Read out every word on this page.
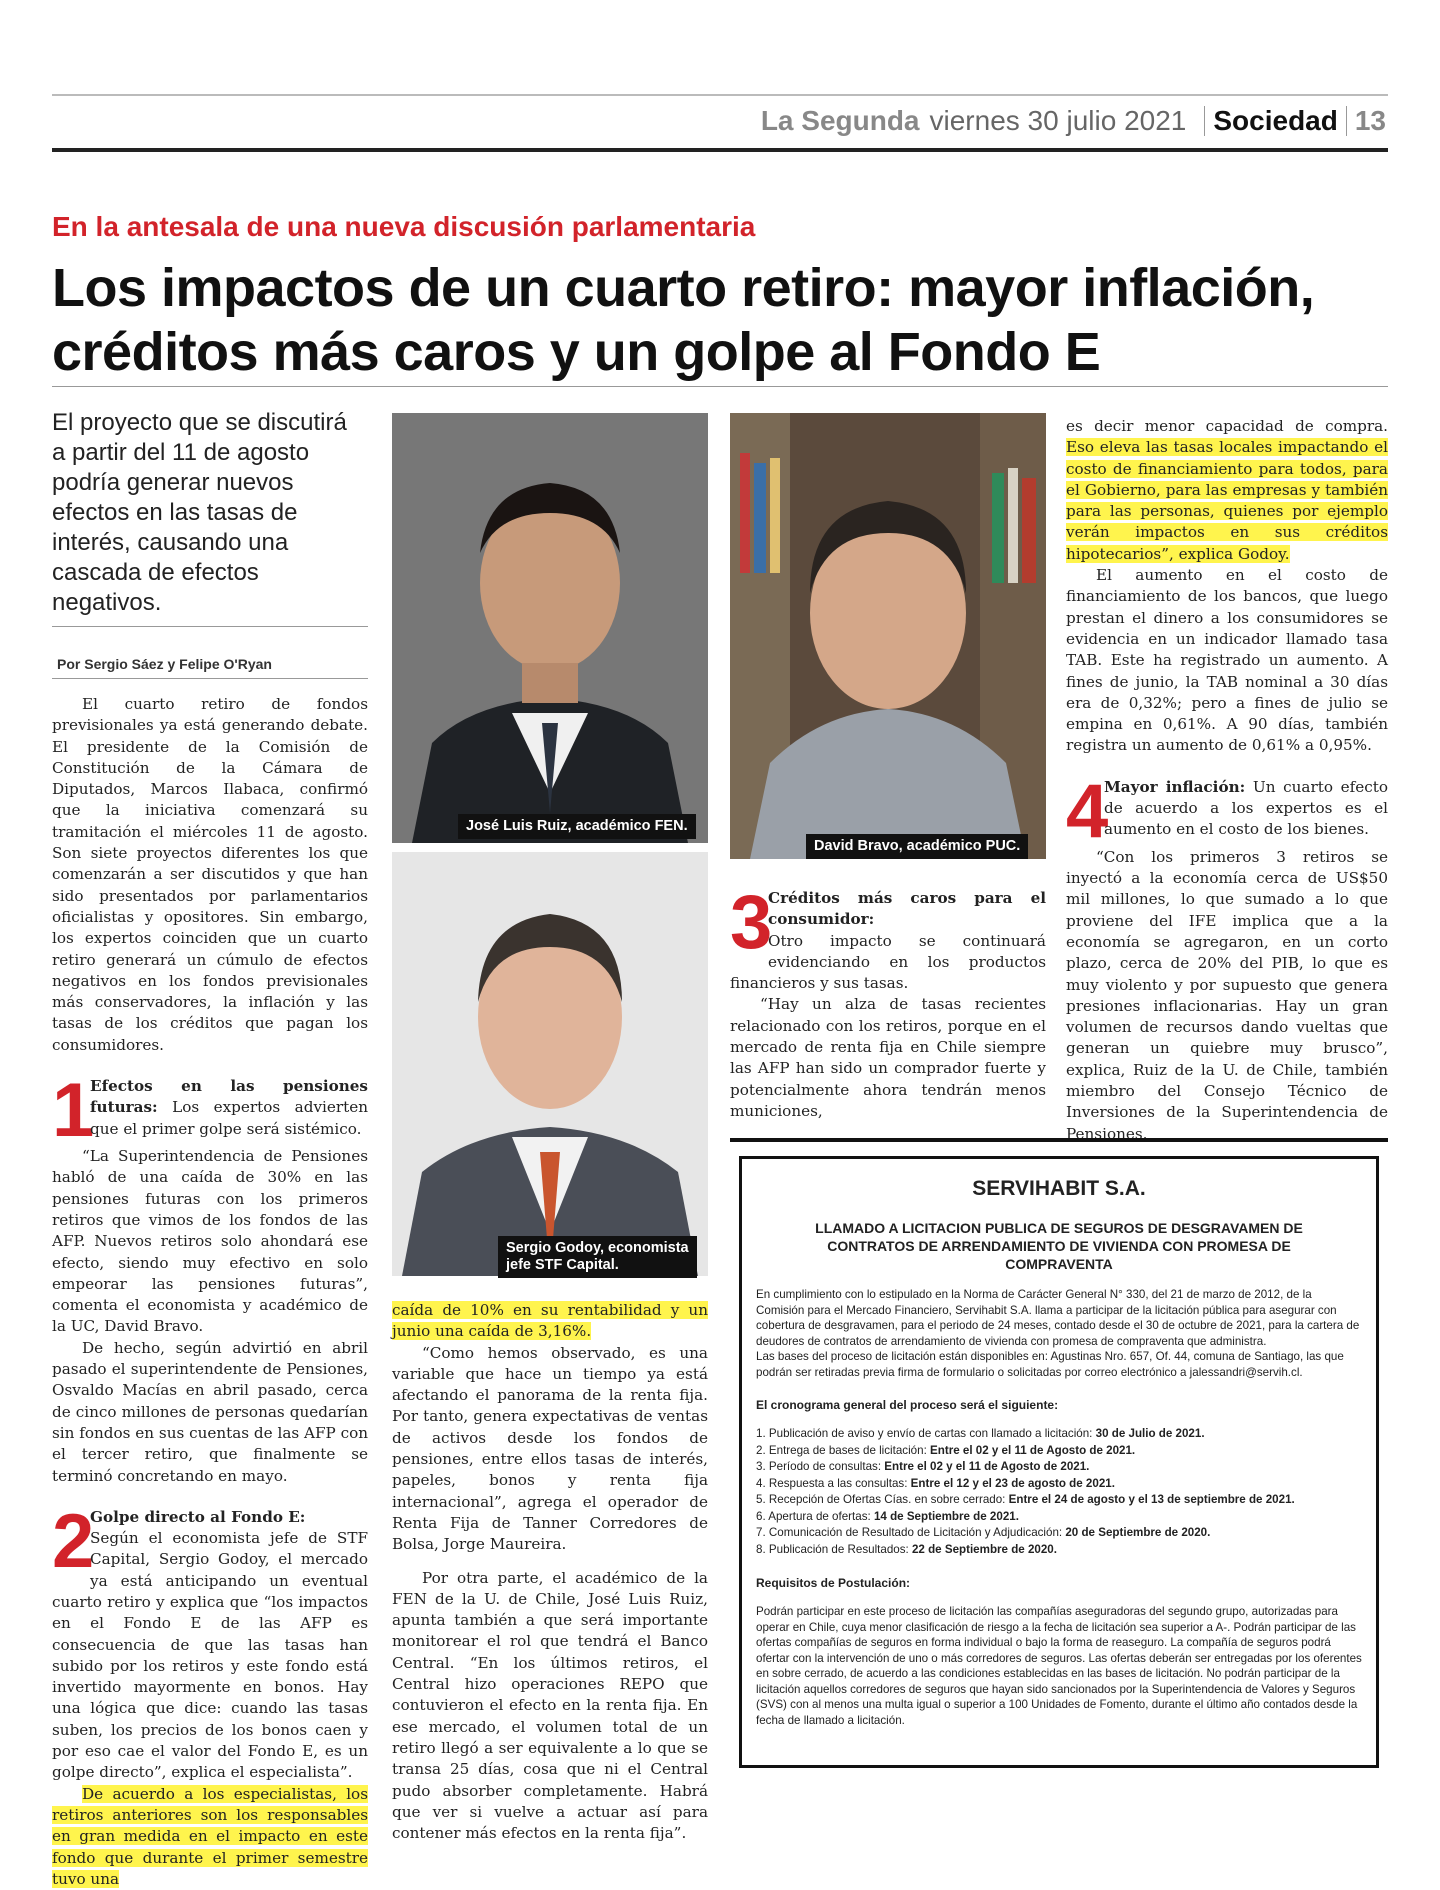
La Segunda viernes 30 julio 2021 Sociedad 13
En la antesala de una nueva discusión parlamentaria
Los impactos de un cuarto retiro: mayor inflación, créditos más caros y un golpe al Fondo E
El proyecto que se discutirá a partir del 11 de agosto podría generar nuevos efectos en las tasas de interés, causando una cascada de efectos negativos.
Por Sergio Sáez y Felipe O'Ryan

El cuarto retiro de fondos previsionales ya está generando debate. El presidente de la Comisión de Constitución de la Cámara de Diputados, Marcos Ilabaca, confirmó que la iniciativa comenzará su tramitación el miércoles 11 de agosto. Son siete proyectos diferentes los que comenzarán a ser discutidos y que han sido presentados por parlamentarios oficialistas y opositores. Sin embargo, los expertos coinciden que un cuarto retiro generará un cúmulo de efectos negativos en los fondos previsionales más conservadores, la inflación y las tasas de los créditos que pagan los consumidores.

1

Efectos en las pensiones futuras: Los expertos advierten que el primer golpe será sistémico.

“La Superintendencia de Pensiones habló de una caída de 30% en las pensiones futuras con los primeros retiros que vimos de los fondos de las AFP. Nuevos retiros solo ahondará ese efecto, siendo muy efectivo en solo empeorar las pensiones futuras”, comenta el economista y académico de la UC, David Bravo.

De hecho, según advirtió en abril pasado el superintendente de Pensiones, Osvaldo Macías en abril pasado, cerca de cinco millones de personas quedarían sin fondos en sus cuentas de las AFP con el tercer retiro, que finalmente se terminó concretando en mayo.

2

Golpe directo al Fondo E:
Según el economista jefe de STF Capital, Sergio Godoy, el mercado ya está anticipando un eventual cuarto retiro y explica que “los impactos en el Fondo E de las AFP es consecuencia de que las tasas han subido por los retiros y este fondo está invertido mayormente en bonos. Hay una lógica que dice: cuando las tasas suben, los precios de los bonos caen y por eso cae el valor del Fondo E, es un golpe directo”, explica el especialista”.

De acuerdo a los especialistas, los retiros anteriores son los responsables en gran medida en el impacto en este fondo que durante el primer semestre tuvo una

José Luis Ruiz, académico FEN.
Sergio Godoy, economista
jefe STF Capital.

caída de 10% en su rentabilidad y un junio una caída de 3,16%.

“Como hemos observado, es una variable que hace un tiempo ya está afectando el panorama de la renta fija. Por tanto, genera expectativas de ventas de activos desde los fondos de pensiones, entre ellos tasas de interés, papeles, bonos y renta fija internacional”, agrega el operador de Renta Fija de Tanner Corredores de Bolsa, Jorge Maureira.

Por otra parte, el académico de la FEN de la U. de Chile, José Luis Ruiz, apunta también a que será importante monitorear el rol que tendrá el Banco Central. “En los últimos retiros, el Central hizo operaciones REPO que contuvieron el efecto en la renta fija. En ese mercado, el volumen total de un retiro llegó a ser equivalente a lo que se transa 25 días, cosa que ni el Central pudo absorber completamente. Habrá que ver si vuelve a actuar así para contener más efectos en la renta fija”.

David Bravo, académico PUC.
3

Créditos más caros para el consumidor:
Otro impacto se continuará evidenciando en los productos financieros y sus tasas.

“Hay un alza de tasas recientes relacionado con los retiros, porque en el mercado de renta fija en Chile siempre las AFP han sido un comprador fuerte y potencialmente ahora tendrán menos municiones,

es decir menor capacidad de compra. Eso eleva las tasas locales impactando el costo de financiamiento para todos, para el Gobierno, para las empresas y también para las personas, quienes por ejemplo verán impactos en sus créditos hipotecarios”, explica Godoy.

El aumento en el costo de financiamiento de los bancos, que luego prestan el dinero a los consumidores se evidencia en un indicador llamado tasa TAB. Este ha registrado un aumento. A fines de junio, la TAB nominal a 30 días era de 0,32%; pero a fines de julio se empina en 0,61%. A 90 días, también registra un aumento de 0,61% a 0,95%.

4

Mayor inflación: Un cuarto efecto de acuerdo a los expertos es el aumento en el costo de los bienes.

“Con los primeros 3 retiros se inyectó a la economía cerca de US$50 mil millones, lo que sumado a lo que proviene del IFE implica que a la economía se agregaron, en un corto plazo, cerca de 20% del PIB, lo que es muy violento y por supuesto que genera presiones inflacionarias. Hay un gran volumen de recursos dando vueltas que generan un quiebre muy brusco”, explica, Ruiz de la U. de Chile, también miembro del Consejo Técnico de Inversiones de la Superintendencia de Pensiones.

SERVIHABIT S.A.
LLAMADO A LICITACION PUBLICA DE SEGUROS DE DESGRAVAMEN DE CONTRATOS DE ARRENDAMIENTO DE VIVIENDA CON PROMESA DE COMPRAVENTA
En cumplimiento con lo estipulado en la Norma de Carácter General N° 330, del 21 de marzo de 2012, de la Comisión para el Mercado Financiero, Servihabit S.A. llama a participar de la licitación pública para asegurar con cobertura de desgravamen, para el periodo de 24 meses, contado desde el 30 de octubre de 2021, para la cartera de deudores de contratos de arrendamiento de vivienda con promesa de compraventa que administra.
Las bases del proceso de licitación están disponibles en: Agustinas Nro. 657, Of. 44, comuna de Santiago, las que podrán ser retiradas previa firma de formulario o solicitadas por correo electrónico a jalessandri@servih.cl.
El cronograma general del proceso será el siguiente:
1. Publicación de aviso y envío de cartas con llamado a licitación: 30 de Julio de 2021.
2. Entrega de bases de licitación: Entre el 02 y el 11 de Agosto de 2021.
3. Período de consultas: Entre el 02 y el 11 de Agosto de 2021.
4. Respuesta a las consultas: Entre el 12 y el 23 de agosto de 2021.
5. Recepción de Ofertas Cías. en sobre cerrado: Entre el 24 de agosto y el 13 de septiembre de 2021.
6. Apertura de ofertas: 14 de Septiembre de 2021.
7. Comunicación de Resultado de Licitación y Adjudicación: 20 de Septiembre de 2020.
8. Publicación de Resultados: 22 de Septiembre de 2020.
Requisitos de Postulación:
Podrán participar en este proceso de licitación las compañías aseguradoras del segundo grupo, autorizadas para operar en Chile, cuya menor clasificación de riesgo a la fecha de licitación sea superior a A-. Podrán participar de las ofertas compañías de seguros en forma individual o bajo la forma de reaseguro. La compañía de seguros podrá ofertar con la intervención de uno o más corredores de seguros. Las ofertas deberán ser entregadas por los oferentes en sobre cerrado, de acuerdo a las condiciones establecidas en las bases de licitación. No podrán participar de la licitación aquellos corredores de seguros que hayan sido sancionados por la Superintendencia de Valores y Seguros (SVS) con al menos una multa igual o superior a 100 Unidades de Fomento, durante el último año contados desde la fecha de llamado a licitación.
